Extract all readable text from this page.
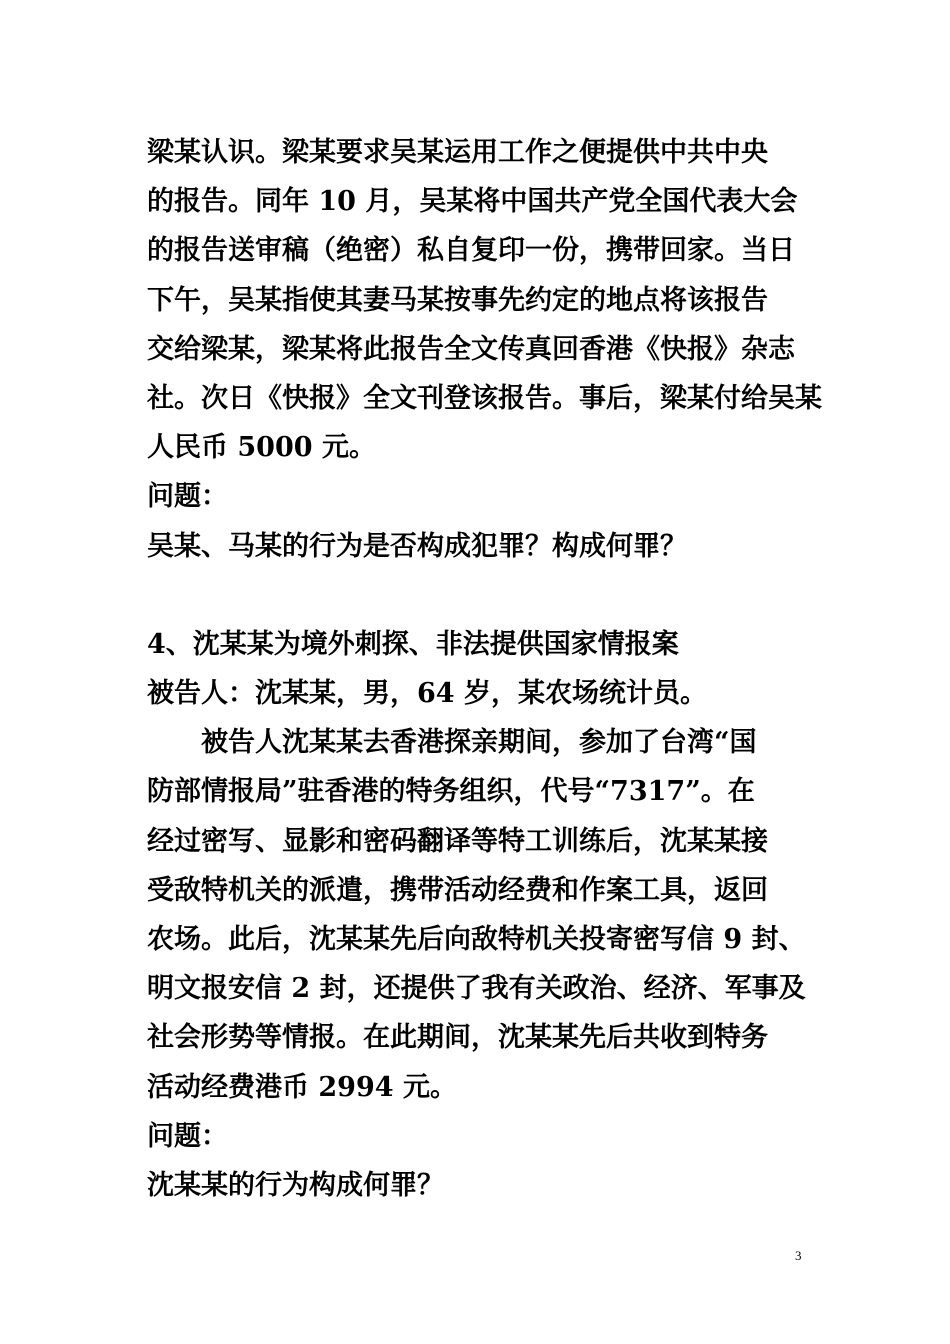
梁某认识。梁某要求吴某运用工作之便提供中共中央
的报告。同年 10 月，吴某将中国共产党全国代表大会
的报告送审稿（绝密）私自复印一份，携带回家。当日
下午，吴某指使其妻马某按事先约定的地点将该报告
交给梁某，梁某将此报告全文传真回香港《快报》杂志
社。次日《快报》全文刊登该报告。事后，梁某付给吴某
人民币 5000 元。
问题：
吴某、马某的行为是否构成犯罪？构成何罪？
4、沈某某为境外刺探、非法提供国家情报案
被告人：沈某某，男，64 岁，某农场统计员。
被告人沈某某去香港探亲期间，参加了台湾“国
防部情报局”驻香港的特务组织，代号“7317”。在
经过密写、显影和密码翻译等特工训练后，沈某某接
受敌特机关的派遣，携带活动经费和作案工具，返回
农场。此后，沈某某先后向敌特机关投寄密写信 9 封、
明文报安信 2 封，还提供了我有关政治、经济、军事及
社会形势等情报。在此期间，沈某某先后共收到特务
活动经费港币 2994 元。
问题：
沈某某的行为构成何罪？
3
